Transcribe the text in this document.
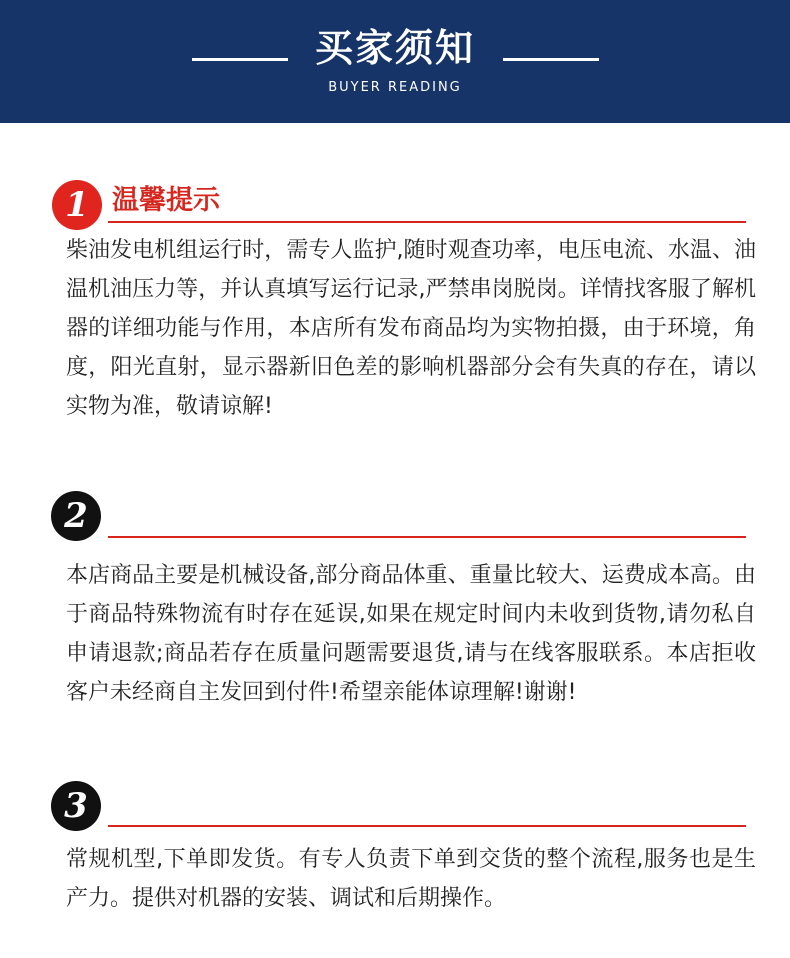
买家须知
BUYER READING
1 温馨提示

柴油发电机组运行时，需专人监护,随时观查功率，电压电流、水温、油温机油压力等，并认真填写运行记录,严禁串岗脱岗。详情找客服了解机器的详细功能与作用，本店所有发布商品均为实物拍摄，由于环境，角度，阳光直射，显示器新旧色差的影响机器部分会有失真的存在，请以实物为准，敬请谅解!

2

本店商品主要是机械设备,部分商品体重、重量比较大、运费成本高。由于商品特殊物流有时存在延误,如果在规定时间内未收到货物,请勿私自申请退款;商品若存在质量问题需要退货,请与在线客服联系。本店拒收客户未经商自主发回到付件!希望亲能体谅理解!谢谢!

3

常规机型,下单即发货。有专人负责下单到交货的整个流程,服务也是生产力。提供对机器的安装、调试和后期操作。
